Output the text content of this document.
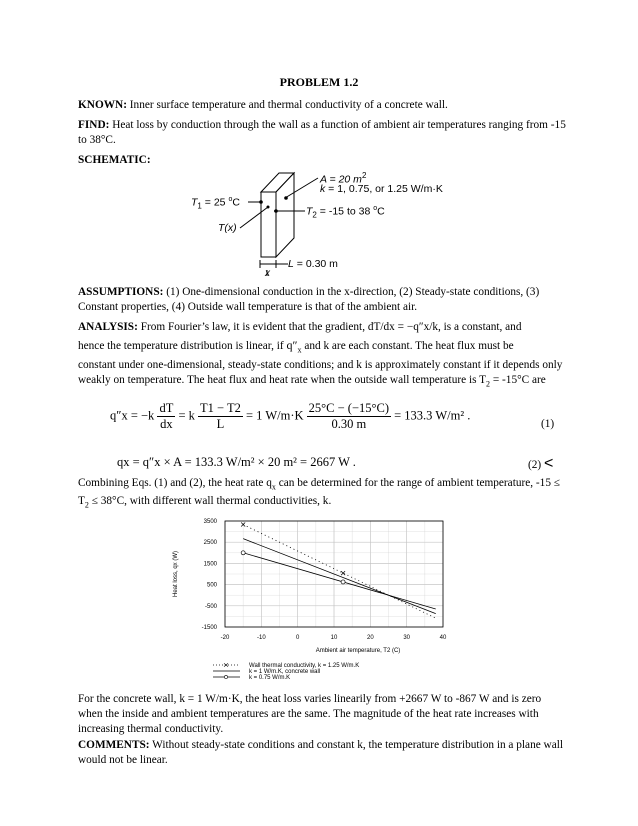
PROBLEM 1.2
KNOWN: Inner surface temperature and thermal conductivity of a concrete wall.
FIND: Heat loss by conduction through the wall as a function of ambient air temperatures ranging from -15 to 38°C.
SCHEMATIC:
A = 20 $m^2$
k = 1, 0.75, or 1.25 W/m·K
$T_1 = 25$ $^o$C
$T_2 = -15$ to 38 $^o$C
T(x)
L = 0.30 m
x
ASSUMPTIONS: (1) One-dimensional conduction in the x-direction, (2) Steady-state conditions, (3) Constant properties, (4) Outside wall temperature is that of the ambient air.
ANALYSIS: From Fourier’s law, it is evident that the gradient, dT/dx = −q″x/k, is a constant, and
hence the temperature distribution is linear, if $q''_x$ and k are each constant. The heat flux must be
constant under one-dimensional, steady-state conditions; and k is approximately constant if it depends only weakly on temperature. The heat flux and heat rate when the outside wall temperature is $T_2 = -15^\circ C$ are
$q''x = -k \frac{dT}{dx} = k \frac{T1 - T2}{L} = 1$ $W/m\cdot K \frac{25^\circ C - (-15^\circ C)}{0.30 m} = 133.3$ W/m² .
(1)
qx = q″x × A = 133.3 W/m² × 20 m² = 2667 W .	(2) <
Combining Eqs. (1) and (2), the heat rate $q_x$ can be determined for the range of ambient temperature, $-15 \le T_2 \le 38^\circ C$, with different wall thermal conductivities, k.
3500
2500
1500
500
-500
-1500
-20	-10	0	10	20	30	40
Ambient air temperature, T2 (C)
Heat loss, qx (W)
Wall thermal conductivity, k = 1.25 W/m.K
k = 1 W/m.K, concrete wall
k = 0.75 W/m.K
For the concrete wall, k = 1 W/m·K, the heat loss varies linearily from +2667 W to -867 W and is zero when the inside and ambient temperatures are the same. The magnitude of the heat rate increases with increasing thermal conductivity.
COMMENTS: Without steady-state conditions and constant k, the temperature distribution in a plane wall would not be linear.
